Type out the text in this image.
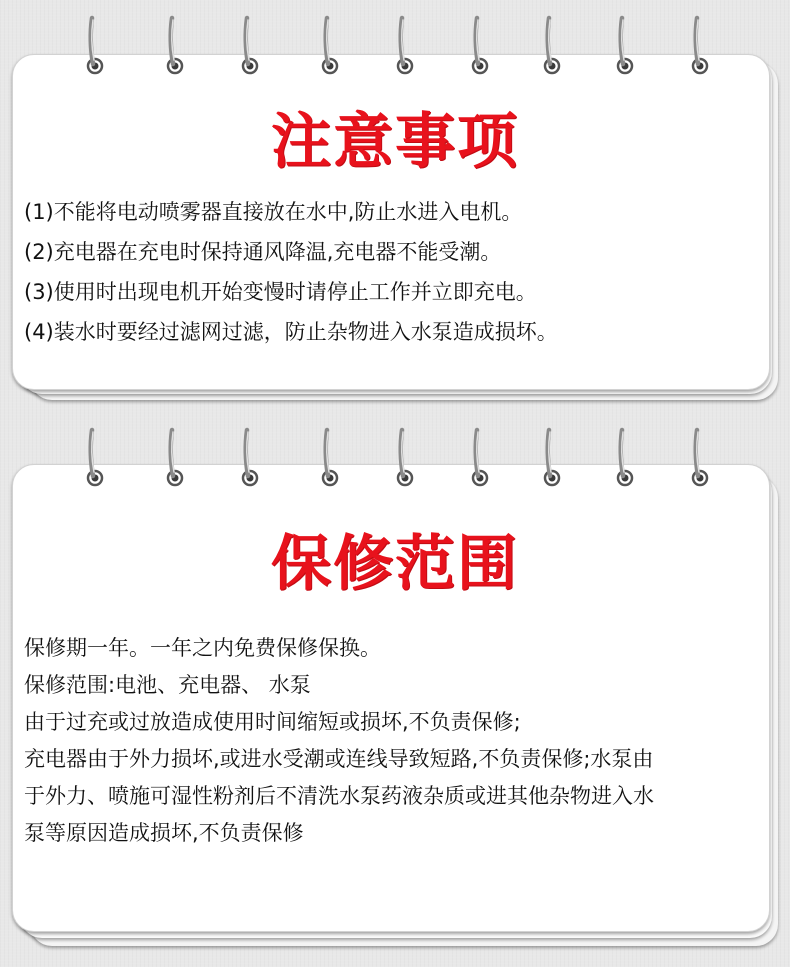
注意事项
(1)不能将电动喷雾器直接放在水中,防止水进入电机。
(2)充电器在充电时保持通风降温,充电器不能受潮。
(3)使用时出现电机开始变慢时请停止工作并立即充电。
(4)装水时要经过滤网过滤，防止杂物进入水泵造成损坏。
保修范围
保修期一年。一年之内免费保修保换。
保修范围:电池、充电器、 水泵
由于过充或过放造成使用时间缩短或损坏,不负责保修;
充电器由于外力损坏,或进水受潮或连线导致短路,不负责保修;水泵由
于外力、喷施可湿性粉剂后不清洗水泵药液杂质或进其他杂物进入水
泵等原因造成损坏,不负责保修
